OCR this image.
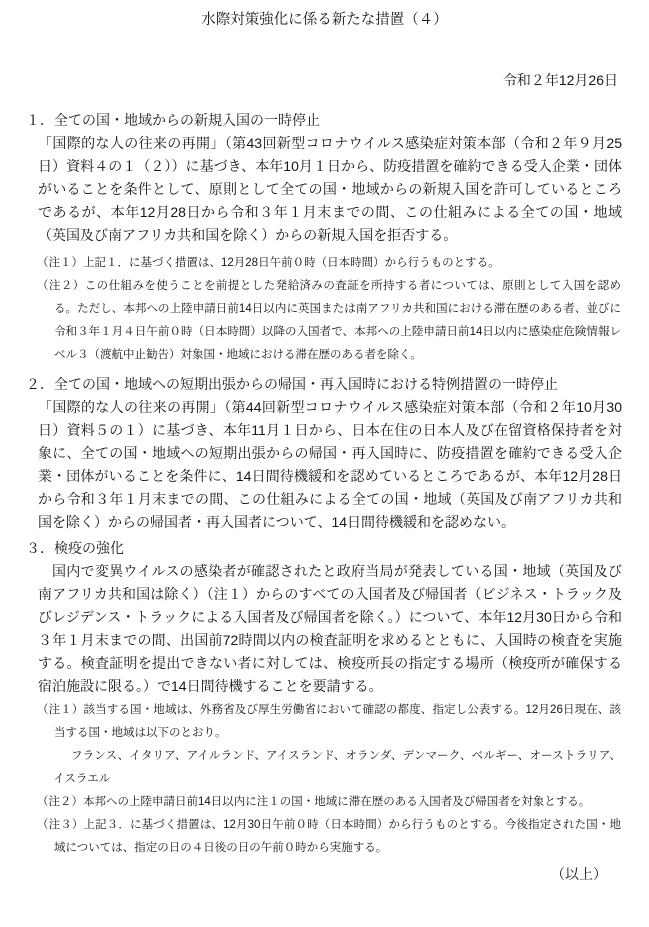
水際対策強化に係る新たな措置（４）
令和２年12月26日
１．全ての国・地域からの新規入国の一時停止
「国際的な人の往来の再開」（第43回新型コロナウイルス感染症対策本部（令和２年９月25日）資料４の１（２））に基づき、本年10月１日から、防疫措置を確約できる受入企業・団体がいることを条件として、原則として全ての国・地域からの新規入国を許可しているところであるが、本年12月28日から令和３年１月末までの間、この仕組みによる全ての国・地域（英国及び南アフリカ共和国を除く）からの新規入国を拒否する。
（注１）上記１．に基づく措置は、12月28日午前０時（日本時間）から行うものとする。
（注２）この仕組みを使うことを前提とした発給済みの査証を所持する者については、原則として入国を認める。ただし、本邦への上陸申請日前14日以内に英国または南アフリカ共和国における滞在歴のある者、並びに令和３年１月４日午前０時（日本時間）以降の入国者で、本邦への上陸申請日前14日以内に感染症危険情報レベル３（渡航中止勧告）対象国・地域における滞在歴のある者を除く。
２．全ての国・地域への短期出張からの帰国・再入国時における特例措置の一時停止
「国際的な人の往来の再開」（第44回新型コロナウイルス感染症対策本部（令和２年10月30日）資料５の１）に基づき、本年11月１日から、日本在住の日本人及び在留資格保持者を対象に、全ての国・地域への短期出張からの帰国・再入国時に、防疫措置を確約できる受入企業・団体がいることを条件に、14日間待機緩和を認めているところであるが、本年12月28日から令和３年１月末までの間、この仕組みによる全ての国・地域（英国及び南アフリカ共和国を除く）からの帰国者・再入国者について、14日間待機緩和を認めない。
３．検疫の強化
国内で変異ウイルスの感染者が確認されたと政府当局が発表している国・地域（英国及び南アフリカ共和国は除く）（注１）からのすべての入国者及び帰国者（ビジネス・トラック及びレジデンス・トラックによる入国者及び帰国者を除く。）について、本年12月30日から令和３年１月末までの間、出国前72時間以内の検査証明を求めるとともに、入国時の検査を実施する。検査証明を提出できない者に対しては、検疫所長の指定する場所（検疫所が確保する宿泊施設に限る。）で14日間待機することを要請する。
（注１）該当する国・地域は、外務省及び厚生労働省において確認の都度、指定し公表する。12月26日現在、該当する国・地域は以下のとおり。
フランス、イタリア、アイルランド、アイスランド、オランダ、デンマーク、ベルギー、オーストラリア、イスラエル
（注２）本邦への上陸申請日前14日以内に注１の国・地域に滞在歴のある入国者及び帰国者を対象とする。
（注３）上記３．に基づく措置は、12月30日午前０時（日本時間）から行うものとする。今後指定された国・地域については、指定の日の４日後の日の午前０時から実施する。
（以上）
